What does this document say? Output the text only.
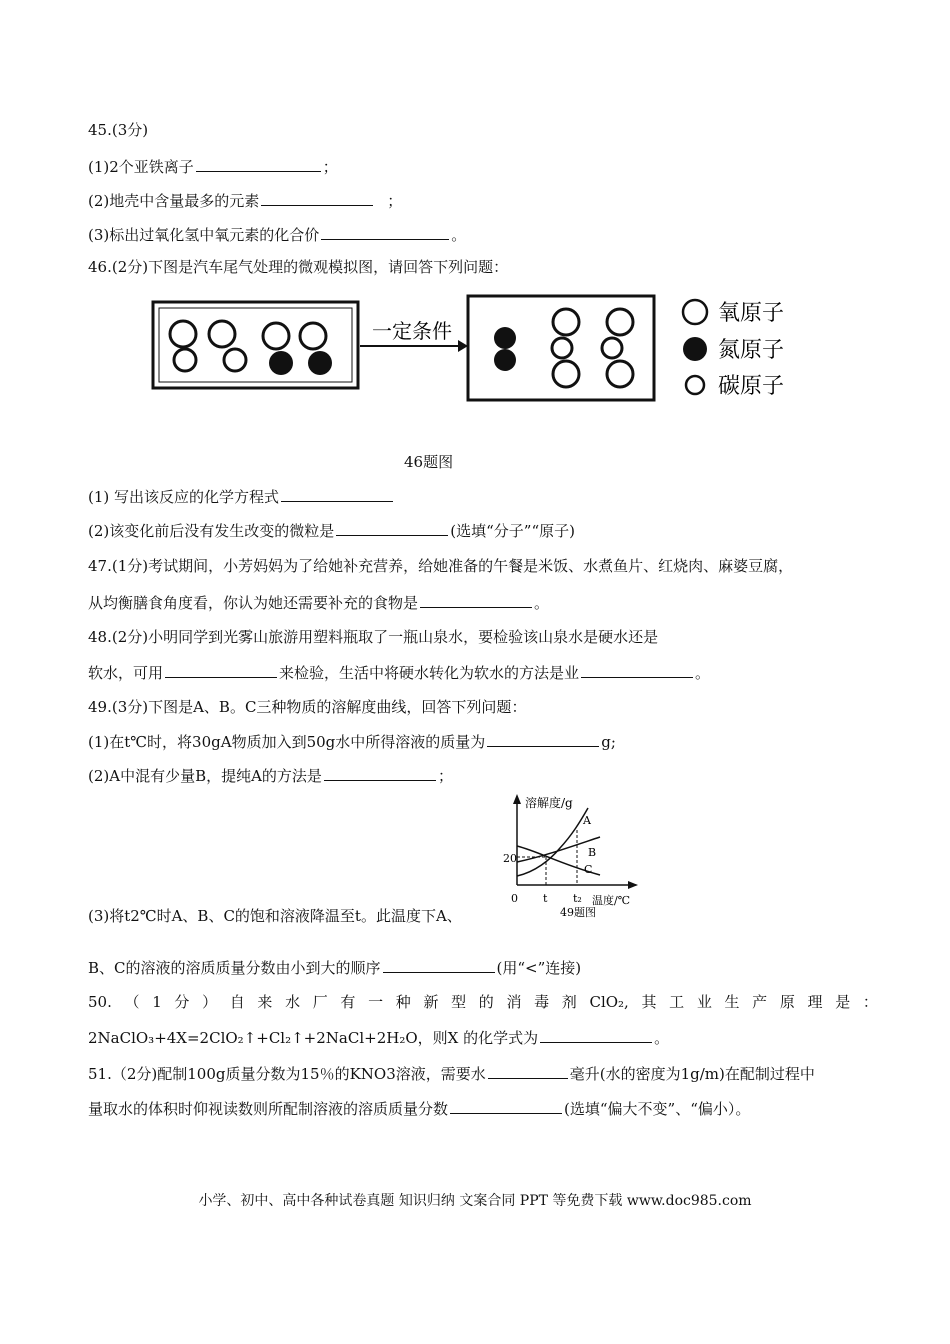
45.(3分)
(1)2个亚铁离子	；
(2)地壳中含量最多的元素	；
(3)标出过氧化氢中氧元素的化合价	。
46.(2分)下图是汽车尾气处理的微观模拟图，请回答下列问题：
一定条件
氧原子
氮原子
碳原子
46题图
(1) 写出该反应的化学方程式
(2)该变化前后没有发生改变的微粒是	(选填“分子”“原子)
47.(1分)考试期间，小芳妈妈为了给她补充营养，给她准备的午餐是米饭、水煮鱼片、红烧肉、麻婆豆腐，
从均衡膳食角度看，你认为她还需要补充的食物是	。
48.(2分)小明同学到光雾山旅游用塑料瓶取了一瓶山泉水，要检验该山泉水是硬水还是
软水，可用	来检验，生活中将硬水转化为软水的方法是业	。
49.(3分)下图是A、B。C三种物质的溶解度曲线，回答下列问题：
(1)在t℃时，将30gA物质加入到50g水中所得溶液的质量为	g;
(2)A中混有少量B，提纯A的方法是	；
溶解度/g
温度/℃
20
0 t t₂
A
B
C
49题图
(3)将t2℃时A、B、C的饱和溶液降温至t。此温度下A、
B、C的溶液的溶质质量分数由小到大的顺序	(用“<”连接)
50. （ 1 分 ） 自 来 水 厂 有 一 种 新 型 的 消 毒 剂 ClO₂, 其 工 业 生 产 原 理 是 ：
2NaClO₃+4X=2ClO₂↑+Cl₂↑+2NaCl+2H₂O，则X 的化学式为	。
51.（2分)配制100g质量分数为15％的KNO3溶液，需要水	毫升(水的密度为1g/m)在配制过程中
量取水的体积时仰视读数则所配制溶液的溶质质量分数	(选填“偏大不变”、“偏小）。
小学、初中、高中各种试卷真题 知识归纳 文案合同 PPT 等免费下载 www.doc985.com
